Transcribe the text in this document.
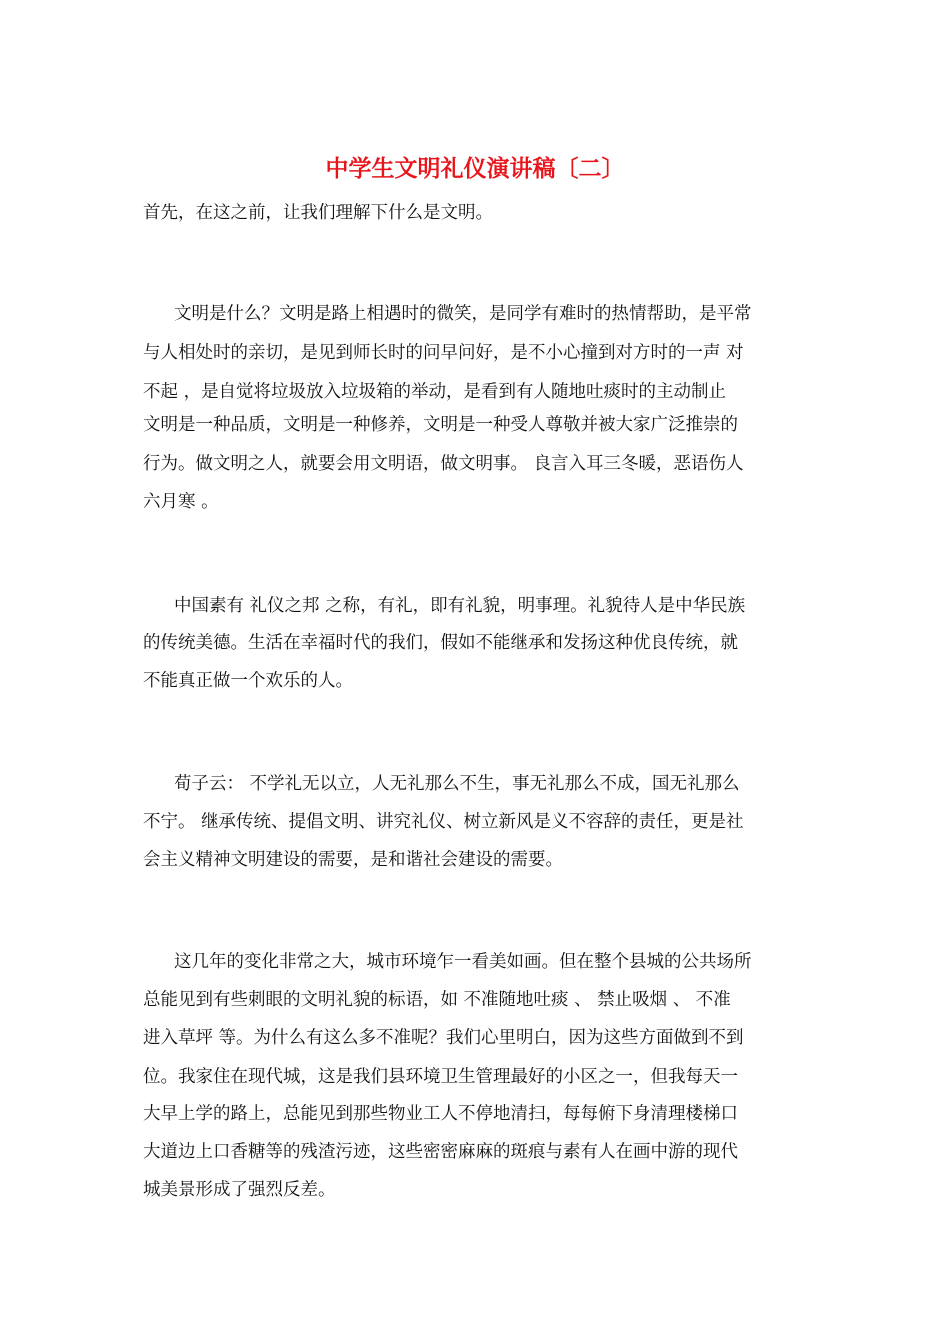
中学生文明礼仪演讲稿〔二〕

首先，在这之前，让我们理解下什么是文明。

文明是什么？文明是路上相遇时的微笑，是同学有难时的热情帮助，是平常

与人相处时的亲切，是见到师长时的问早问好，是不小心撞到对方时的一声 对

不起 ，是自觉将垃圾放入垃圾箱的举动，是看到有人随地吐痰时的主动制止

文明是一种品质，文明是一种修养，文明是一种受人尊敬并被大家广泛推崇的

行为。做文明之人，就要会用文明语，做文明事。 良言入耳三冬暖，恶语伤人

六月寒 。

中国素有 礼仪之邦 之称，有礼，即有礼貌，明事理。礼貌待人是中华民族

的传统美德。生活在幸福时代的我们，假如不能继承和发扬这种优良传统，就

不能真正做一个欢乐的人。

荀子云： 不学礼无以立，人无礼那么不生，事无礼那么不成，国无礼那么

不宁。 继承传统、提倡文明、讲究礼仪、树立新风是义不容辞的责任，更是社

会主义精神文明建设的需要，是和谐社会建设的需要。

这几年的变化非常之大，城市环境乍一看美如画。但在整个县城的公共场所

总能见到有些刺眼的文明礼貌的标语，如 不准随地吐痰 、 禁止吸烟 、 不准

进入草坪 等。为什么有这么多不准呢？我们心里明白，因为这些方面做到不到

位。我家住在现代城，这是我们县环境卫生管理最好的小区之一，但我每天一

大早上学的路上，总能见到那些物业工人不停地清扫，每每俯下身清理楼梯口

大道边上口香糖等的残渣污迹，这些密密麻麻的斑痕与素有人在画中游的现代

城美景形成了强烈反差。
